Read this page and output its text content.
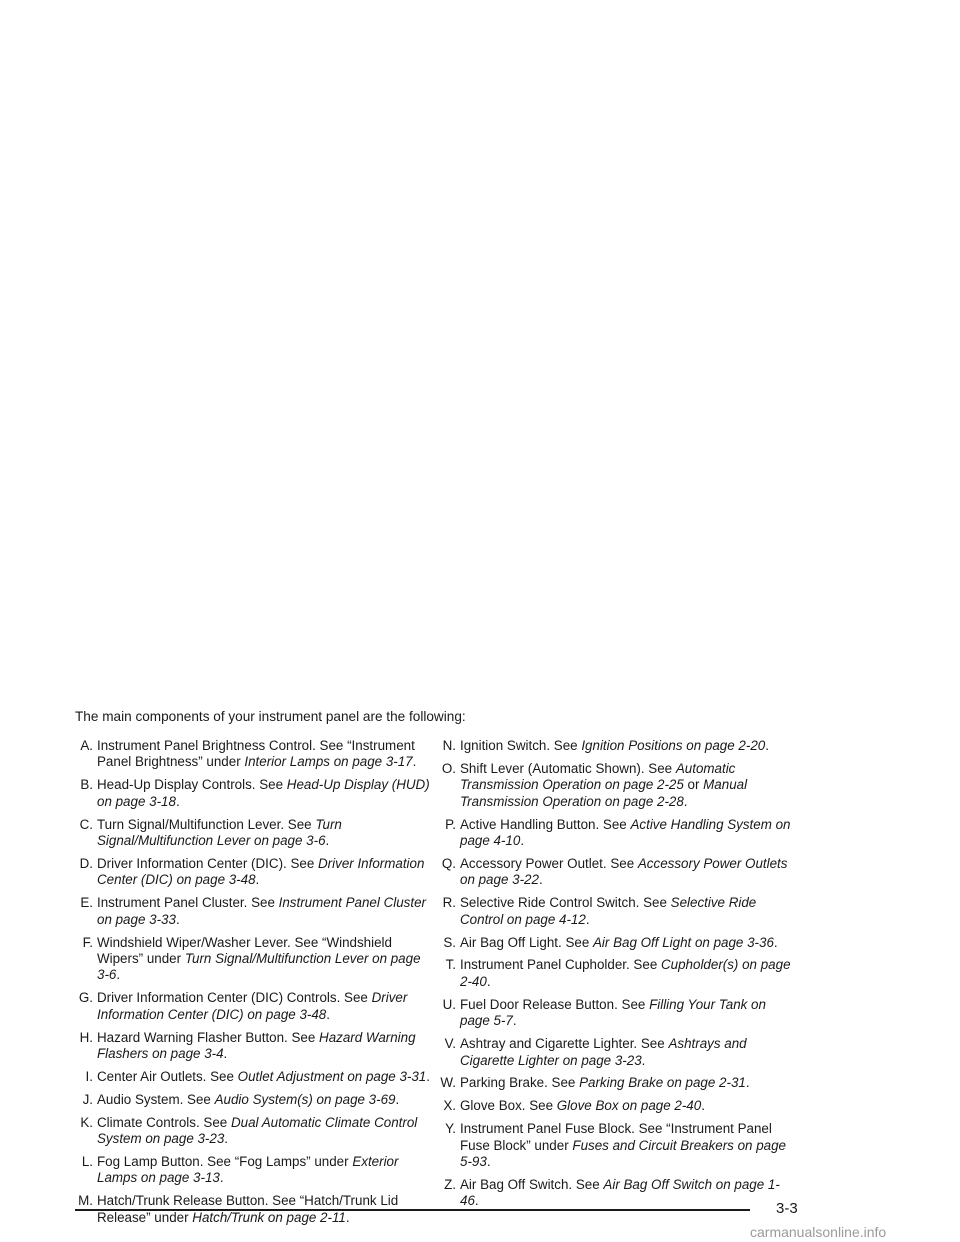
The main components of your instrument panel are the following:
A. Instrument Panel Brightness Control. See “Instrument Panel Brightness” under Interior Lamps on page 3-17.
B. Head-Up Display Controls. See Head-Up Display (HUD) on page 3-18.
C. Turn Signal/Multifunction Lever. See Turn Signal/Multifunction Lever on page 3-6.
D. Driver Information Center (DIC). See Driver Information Center (DIC) on page 3-48.
E. Instrument Panel Cluster. See Instrument Panel Cluster on page 3-33.
F. Windshield Wiper/Washer Lever. See “Windshield Wipers” under Turn Signal/Multifunction Lever on page 3-6.
G. Driver Information Center (DIC) Controls. See Driver Information Center (DIC) on page 3-48.
H. Hazard Warning Flasher Button. See Hazard Warning Flashers on page 3-4.
I. Center Air Outlets. See Outlet Adjustment on page 3-31.
J. Audio System. See Audio System(s) on page 3-69.
K. Climate Controls. See Dual Automatic Climate Control System on page 3-23.
L. Fog Lamp Button. See “Fog Lamps” under Exterior Lamps on page 3-13.
M. Hatch/Trunk Release Button. See “Hatch/Trunk Lid Release” under Hatch/Trunk on page 2-11.
N. Ignition Switch. See Ignition Positions on page 2-20.
O. Shift Lever (Automatic Shown). See Automatic Transmission Operation on page 2-25 or Manual Transmission Operation on page 2-28.
P. Active Handling Button. See Active Handling System on page 4-10.
Q. Accessory Power Outlet. See Accessory Power Outlets on page 3-22.
R. Selective Ride Control Switch. See Selective Ride Control on page 4-12.
S. Air Bag Off Light. See Air Bag Off Light on page 3-36.
T. Instrument Panel Cupholder. See Cupholder(s) on page 2-40.
U. Fuel Door Release Button. See Filling Your Tank on page 5-7.
V. Ashtray and Cigarette Lighter. See Ashtrays and Cigarette Lighter on page 3-23.
W. Parking Brake. See Parking Brake on page 2-31.
X. Glove Box. See Glove Box on page 2-40.
Y. Instrument Panel Fuse Block. See “Instrument Panel Fuse Block” under Fuses and Circuit Breakers on page 5-93.
Z. Air Bag Off Switch. See Air Bag Off Switch on page 1-46.	3-3
carmanualsonline.info
